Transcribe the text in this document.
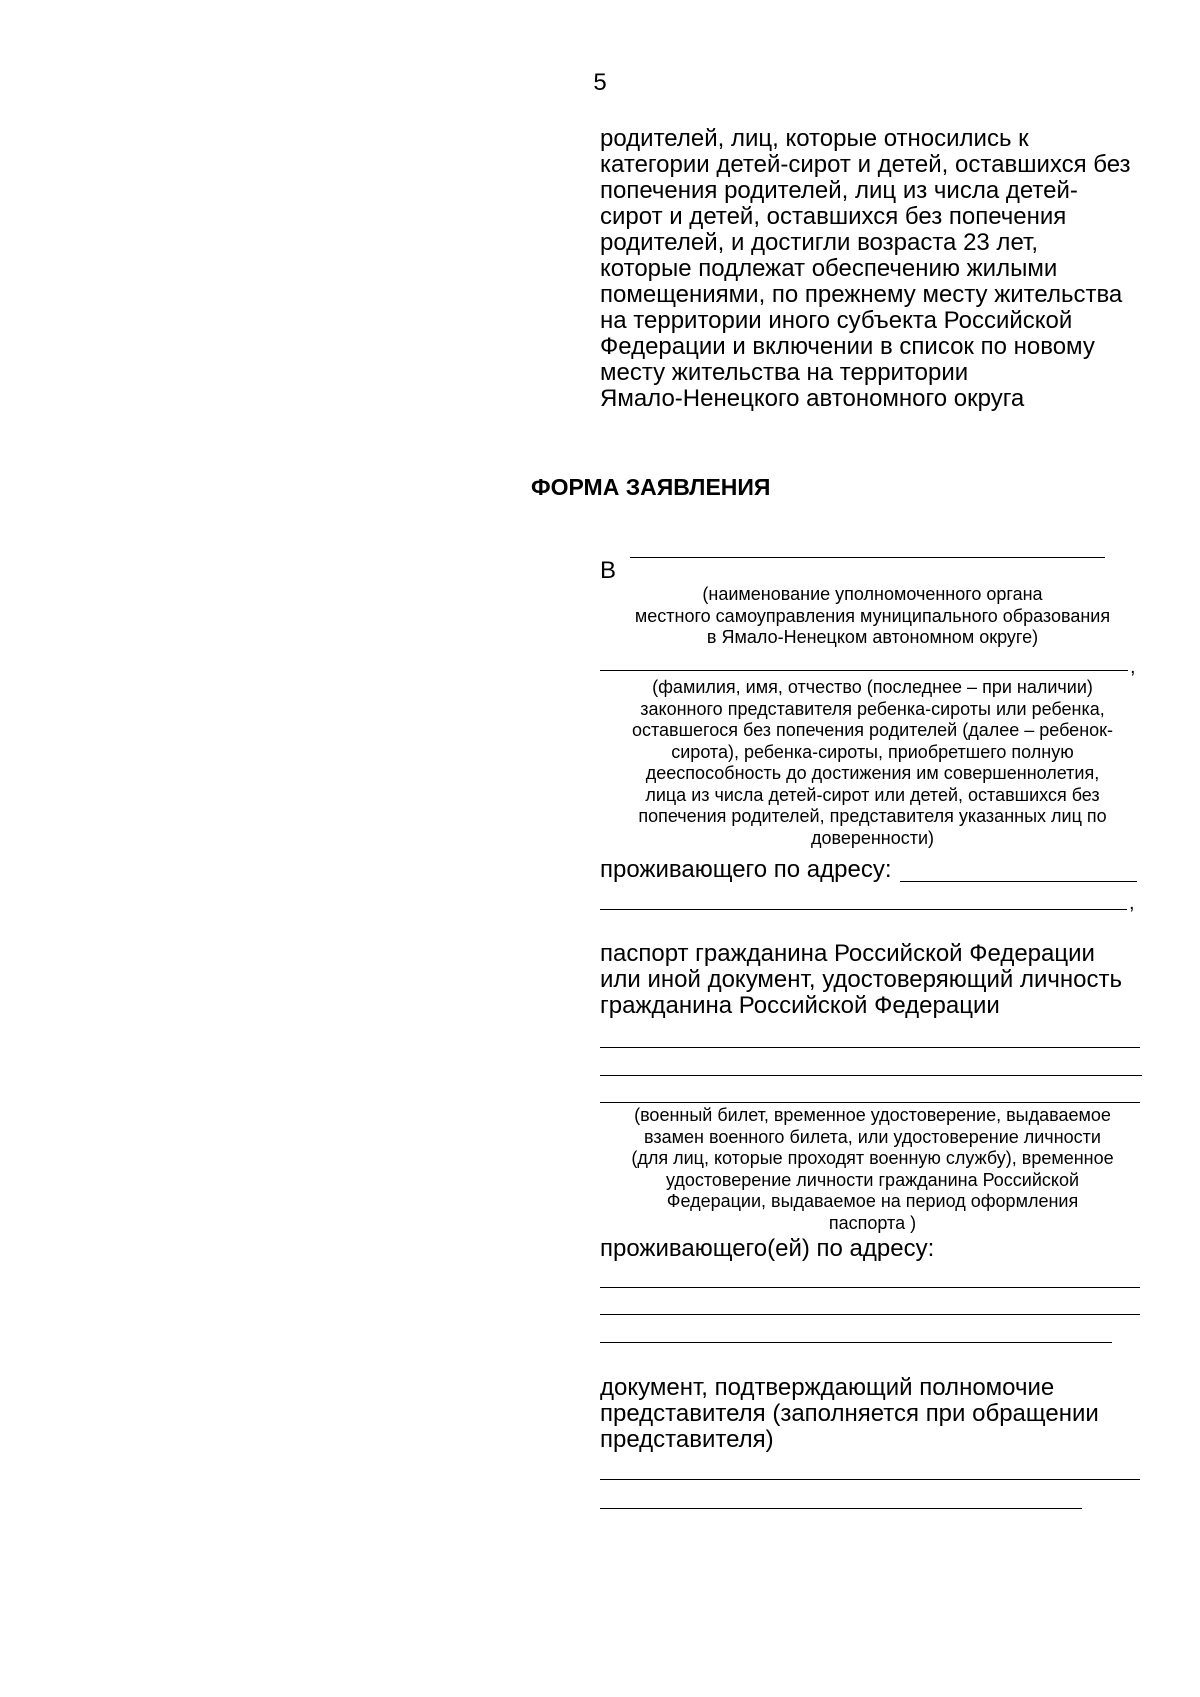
5
родителей, лиц, которые относились к
категории детей-сирот и детей, оставшихся без
попечения родителей, лиц из числа детей-
сирот и детей, оставшихся без попечения
родителей, и достигли возраста 23 лет,
которые подлежат обеспечению жилыми
помещениями, по прежнему месту жительства
на территории иного субъекта Российской
Федерации и включении в список по новому
месту жительства на территории
Ямало-Ненецкого автономного округа
ФОРМА ЗАЯВЛЕНИЯ
В
(наименование уполномоченного органа
местного самоуправления муниципального образования
в Ямало-Ненецком автономном округе)
,
(фамилия, имя, отчество (последнее – при наличии)
законного представителя ребенка-сироты или ребенка,
оставшегося без попечения родителей (далее – ребенок-
сирота), ребенка-сироты, приобретшего полную
дееспособность до достижения им совершеннолетия,
лица из числа детей-сирот или детей, оставшихся без
попечения родителей, представителя указанных лиц по
доверенности)
проживающего по адресу:
,
паспорт гражданина Российской Федерации
или иной документ, удостоверяющий личность
гражданина Российской Федерации
(военный билет, временное удостоверение, выдаваемое
взамен военного билета, или удостоверение личности
(для лиц, которые проходят военную службу), временное
удостоверение личности гражданина Российской
Федерации, выдаваемое на период оформления
паспорта )
проживающего(ей) по адресу:
документ, подтверждающий полномочие
представителя (заполняется при обращении
представителя)
